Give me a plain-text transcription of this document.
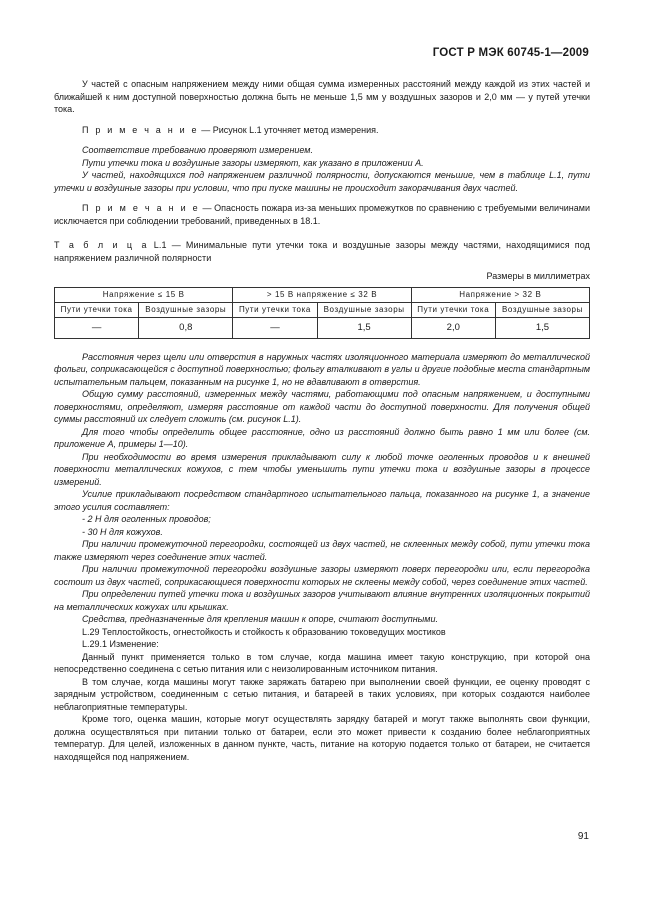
ГОСТ Р МЭК 60745-1—2009

У частей с опасным напряжением между ними общая сумма измеренных расстояний между каждой из этих частей и ближайшей к ним доступной поверхностью должна быть не меньше 1,5 мм у воздушных зазоров и 2,0 мм — у путей утечки тока.

П р и м е ч а н и е — Рисунок L.1 уточняет метод измерения.

Соответствие требованию проверяют измерением.

Пути утечки тока и воздушные зазоры измеряют, как указано в приложении А.

У частей, находящихся под напряжением различной полярности, допускаются меньшие, чем в таблице L.1, пути утечки и воздушные зазоры при условии, что при пуске машины не происходит закорачивания двух частей.

П р и м е ч а н и е — Опасность пожара из-за меньших промежутков по сравнению с требуемыми величинами исключается при соблюдении требований, приведенных в 18.1.

Т а б л и ц а L.1 — Минимальные пути утечки тока и воздушные зазоры между частями, находящимися под напряжением различной полярности

Размеры в миллиметрах

Напряжение ≤ 15 В		> 15 В напряжение ≤ 32 В		Напряжение > 32 В	
Пути утечки тока	Воздушные зазоры	Пути утечки тока	Воздушные зазоры	Пути утечки тока	Воздушные зазоры
—	0,8	—	1,5	2,0	1,5

Расстояния через щели или отверстия в наружных частях изоляционного материала измеряют до металлической фольги, соприкасающейся с доступной поверхностью; фольгу вталкивают в углы и другие подобные места стандартным испытательным пальцем, показанным на рисунке 1, но не вдавливают в отверстия.

Общую сумму расстояний, измеренных между частями, работающими под опасным напряжением, и доступными поверхностями, определяют, измеряя расстояние от каждой части до доступной поверхности. Для получения общей суммы расстояний их следует сложить (см. рисунок L.1).

Для того чтобы определить общее расстояние, одно из расстояний должно быть равно 1 мм или более (см. приложение А, примеры 1—10).

При необходимости во время измерения прикладывают силу к любой точке оголенных проводов и к внешней поверхности металлических кожухов, с тем чтобы уменьшить пути утечки тока и воздушные зазоры в процессе измерений.

Усилие прикладывают посредством стандартного испытательного пальца, показанного на рисунке 1, а значение этого усилия составляет:

- 2 Н для оголенных проводов;

- 30 Н для кожухов.

При наличии промежуточной перегородки, состоящей из двух частей, не склеенных между собой, пути утечки тока также измеряют через соединение этих частей.

При наличии промежуточной перегородки воздушные зазоры измеряют поверх перегородки или, если перегородка состоит из двух частей, соприкасающиеся поверхности которых не склеены между собой, через соединение этих частей.

При определении путей утечки тока и воздушных зазоров учитывают влияние внутренних изоляционных покрытий на металлических кожухах или крышках.

Средства, предназначенные для крепления машин к опоре, считают доступными.

L.29 Теплостойкость, огнестойкость и стойкость к образованию токоведущих мостиков

L.29.1 Изменение:

Данный пункт применяется только в том случае, когда машина имеет такую конструкцию, при которой она непосредственно соединена с сетью питания или с неизолированным источником питания.

В том случае, когда машины могут также заряжать батарею при выполнении своей функции, ее оценку проводят с зарядным устройством, соединенным с сетью питания, и батареей в таких условиях, при которых создаются наиболее неблагоприятные температуры.

Кроме того, оценка машин, которые могут осуществлять зарядку батарей и могут также выполнять свои функции, должна осуществляться при питании только от батареи, если это может привести к созданию более неблагоприятных температур. Для целей, изложенных в данном пункте, часть, питание на которую подается только от батареи, не считается находящейся под напряжением.

91
